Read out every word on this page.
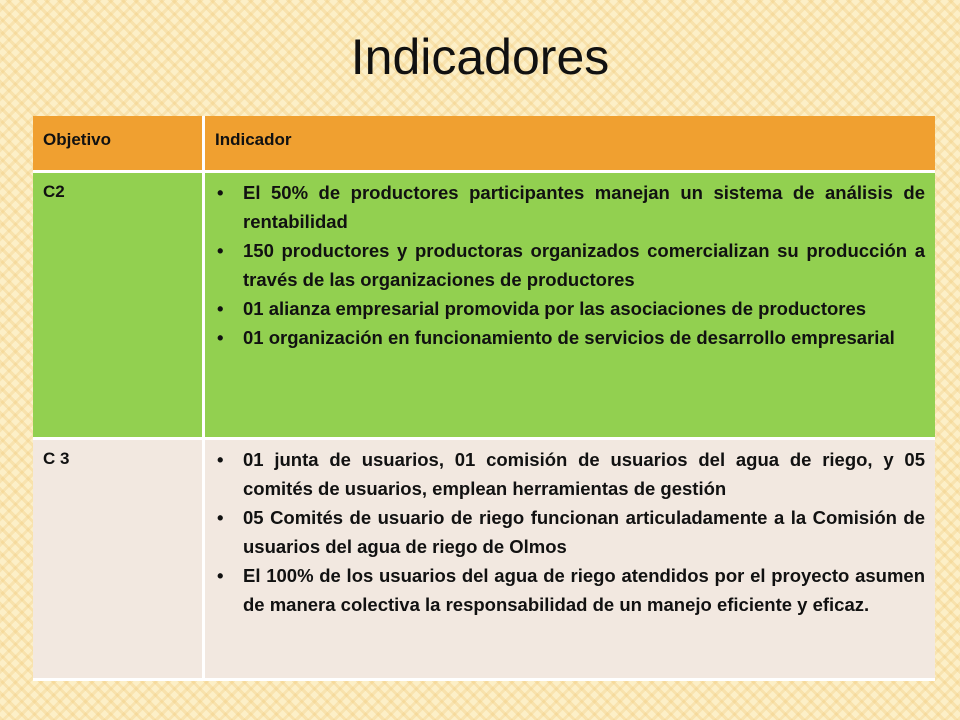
Indicadores
Objetivo	Indicador
C2	• El 50% de productores participantes manejan un sistema de análisis de rentabilidad
• 150 productores y productoras organizados comercializan su producción a través de las organizaciones de productores
• 01 alianza empresarial promovida por las asociaciones de productores
• 01 organización en funcionamiento de servicios de desarrollo empresarial
C 3	• 01 junta de usuarios, 01 comisión de usuarios del agua de riego, y 05 comités de usuarios, emplean herramientas de gestión
• 05 Comités de usuario de riego funcionan articuladamente a la Comisión de usuarios del agua de riego de Olmos
• El 100% de los usuarios del agua de riego atendidos por el proyecto asumen de manera colectiva la responsabilidad de un manejo eficiente y eficaz.
